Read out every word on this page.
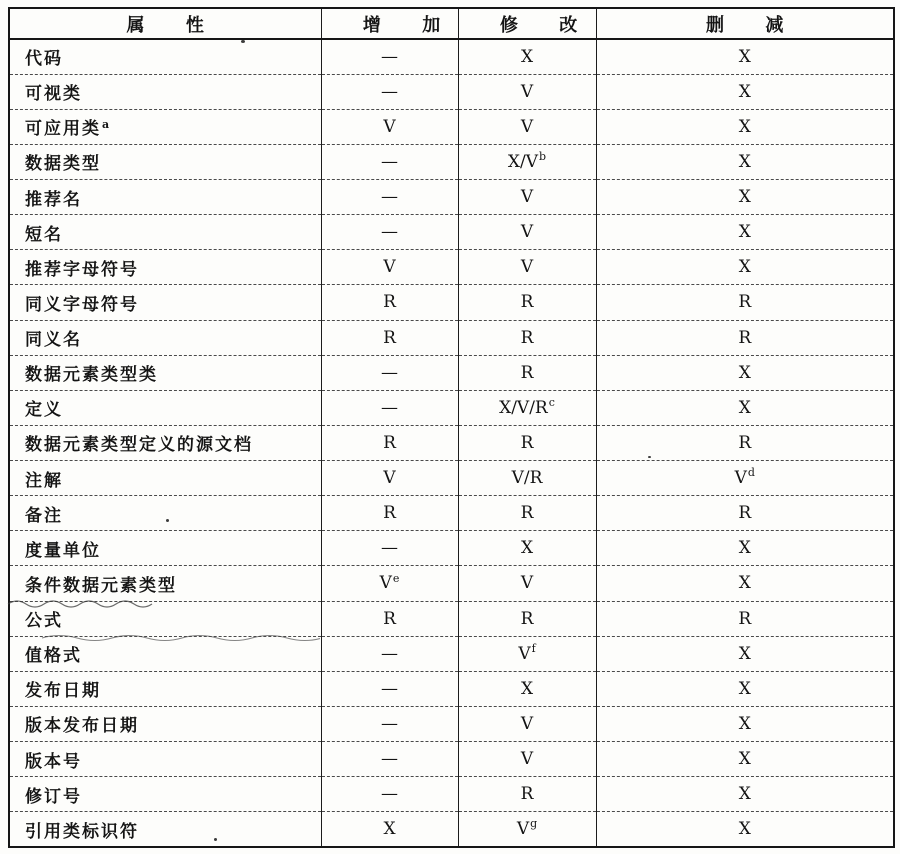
属性	增加	修改	删减
代码	—	X	X
可视类	—	V	X
可应用类$^a$	V	V	X
数据类型	—	$X/V^b$	X
推荐名	—	V	X
短名	—	V	X
推荐字母符号	V	V	X
同义字母符号	R	R	R
同义名	R	R	R
数据元素类型类	—	R	X
定义	—	$X/V/R^c$	X
数据元素类型定义的源文档	R	R	R
注解	V	V/R	$V^d$
备注	R	R	R
度量单位	—	X	X
条件数据元素类型	Ve	V	X
公式	R	R	R
值格式	—	$V^f$	X
发布日期	—	X	X
版本发布日期	—	V	X
版本号	—	V	X
修订号	—	R	X
引用类标识符	X	$V^g$	X
